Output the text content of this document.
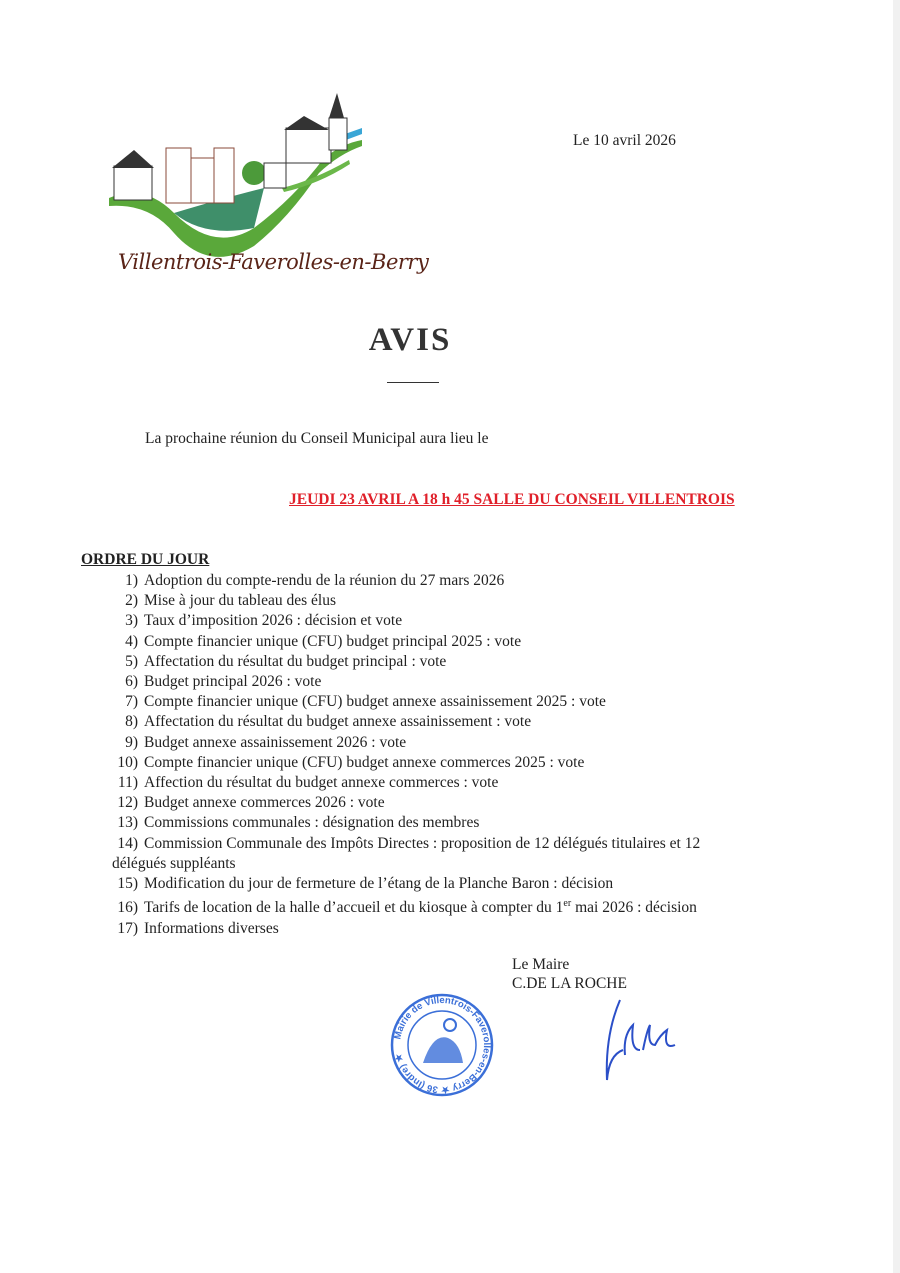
Villentrois-Faverolles-en-Berry
Le 10 avril 2026
AVIS
La prochaine réunion du Conseil Municipal aura lieu le
JEUDI 23 AVRIL A 18 h 45 SALLE DU CONSEIL VILLENTROIS
ORDRE DU JOUR
1) Adoption du compte-rendu de la réunion du 27 mars 2026
2) Mise à jour du tableau des élus
3) Taux d’imposition 2026 : décision et vote
4) Compte financier unique (CFU) budget principal 2025 : vote
5) Affectation du résultat du budget principal : vote
6) Budget principal 2026 : vote
7) Compte financier unique (CFU) budget annexe assainissement 2025 : vote
8) Affectation du résultat du budget annexe assainissement : vote
9) Budget annexe assainissement 2026 : vote
10) Compte financier unique (CFU) budget annexe commerces 2025 : vote
11) Affection du résultat du budget annexe commerces : vote
12) Budget annexe commerces 2026 : vote
13) Commissions communales : désignation des membres
14) Commission Communale des Impôts Directes : proposition de 12 délégués titulaires et 12
délégués suppléants
15) Modification du jour de fermeture de l’étang de la Planche Baron : décision
16) Tarifs de location de la halle d’accueil et du kiosque à compter du 1er mai 2026 : décision
17) Informations diverses
Le Maire
C.DE LA ROCHE
Mairie de Villentrois-Faverolles-en-Berry ★ 36 (Indre) ★
